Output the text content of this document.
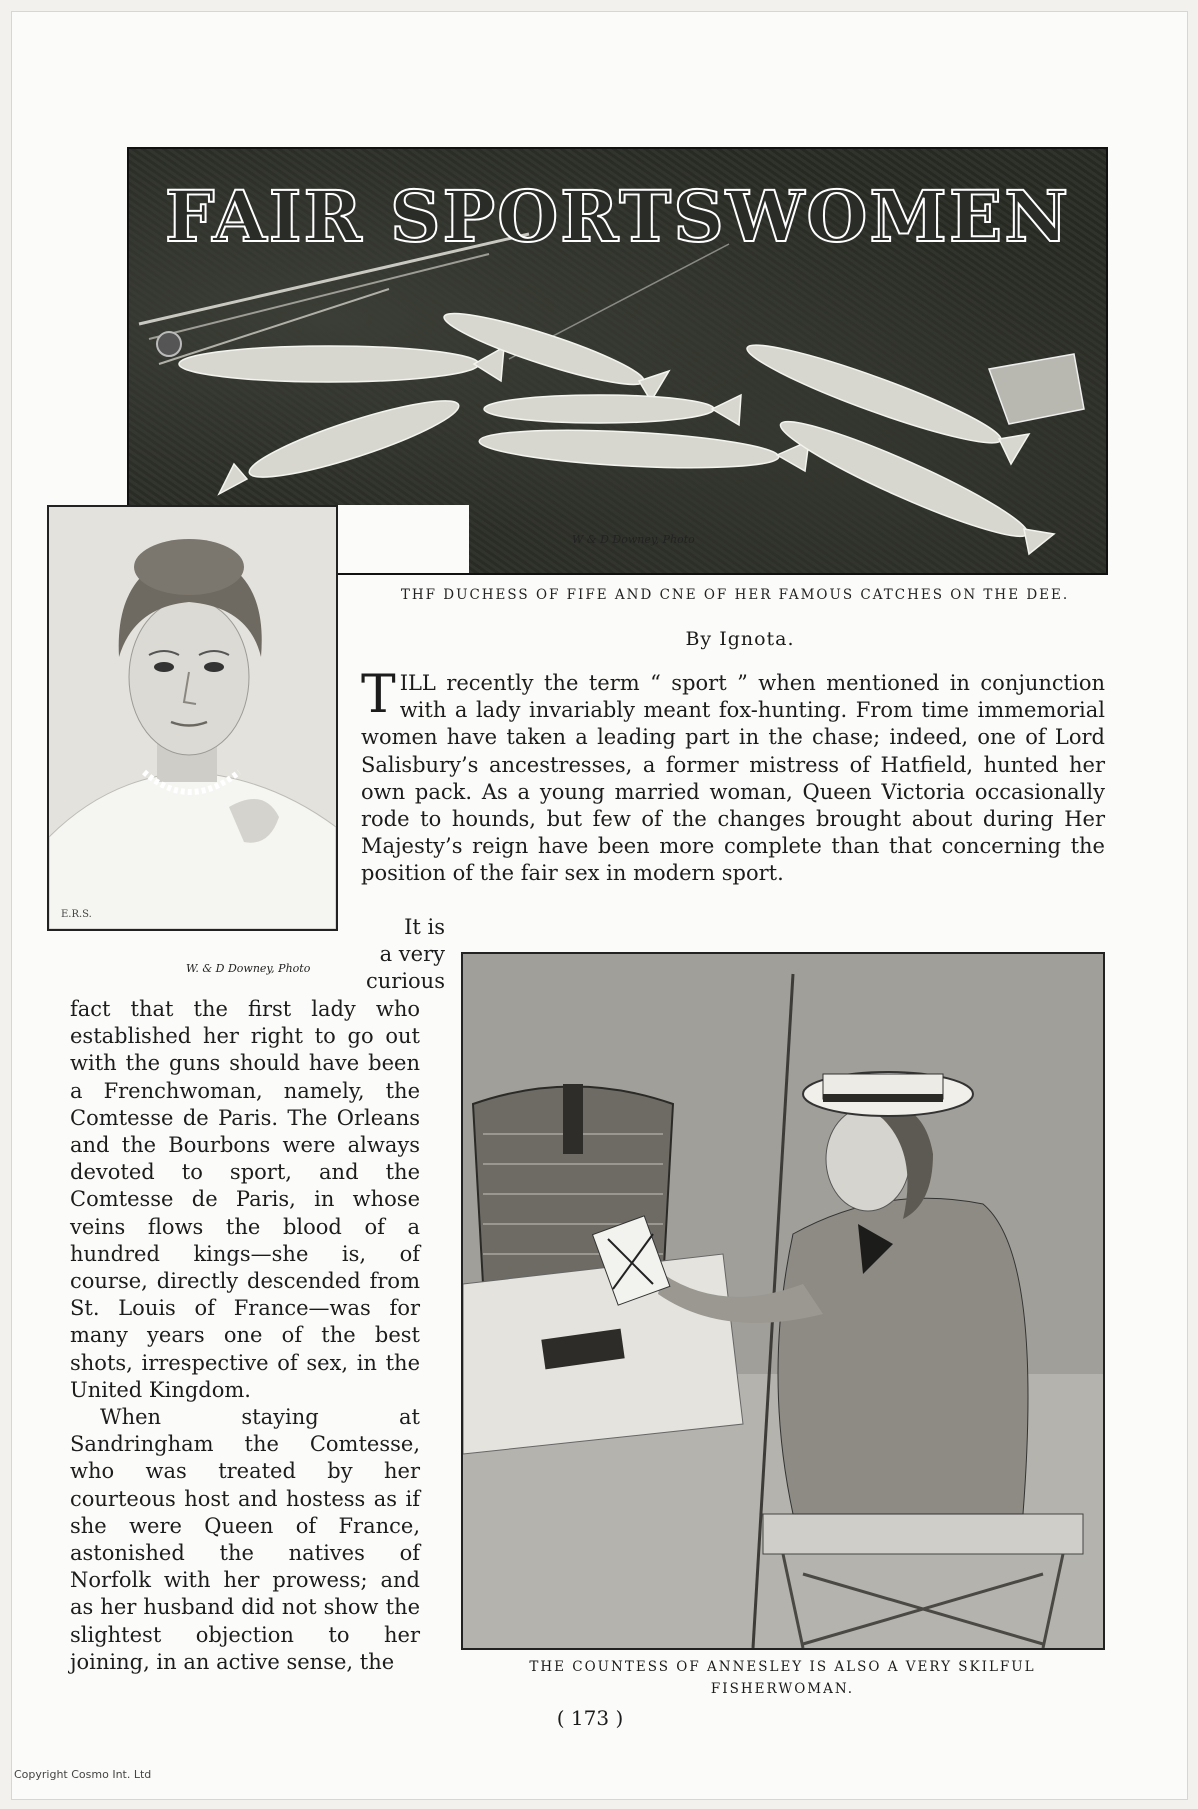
FAIR SPORTSWOMEN
W & D Downey, Photo
E.R.S.
W. & D Downey, Photo
THF DUCHESS OF FIFE AND CNE OF HER FAMOUS CATCHES ON THE DEE.
By Ignota.
TILL recently the term “ sport ” when mentioned in conjunction with a lady invariably meant fox-hunting. From time immemorial women have taken a leading part in the chase; indeed, one of Lord Salisbury’s ancestresses, a former mistress of Hatfield, hunted her own pack. As a young married woman, Queen Victoria occasionally rode to hounds, but few of the changes brought about during Her Majesty’s reign have been more complete than that concerning the position of the fair sex in modern sport.
It is
a very
curious

fact that the first lady who established her right to go out with the guns should have been a Frenchwoman, namely, the Comtesse de Paris. The Orleans and the Bourbons were always devoted to sport, and the Comtesse de Paris, in whose veins flows the blood of a hundred kings—she is, of course, directly descended from St. Louis of France—was for many years one of the best shots, irrespective of sex, in the United Kingdom.

When staying at Sandringham the Comtesse, who was treated by her courteous host and hostess as if she were Queen of France, astonished the natives of Norfolk with her prowess; and as her husband did not show the slightest objection to her joining, in an active sense, the	THE COUNTESS OF ANNESLEY IS ALSO A VERY SKILFUL FISHERWOMAN.
( 173 )
Copyright Cosmo Int. Ltd
